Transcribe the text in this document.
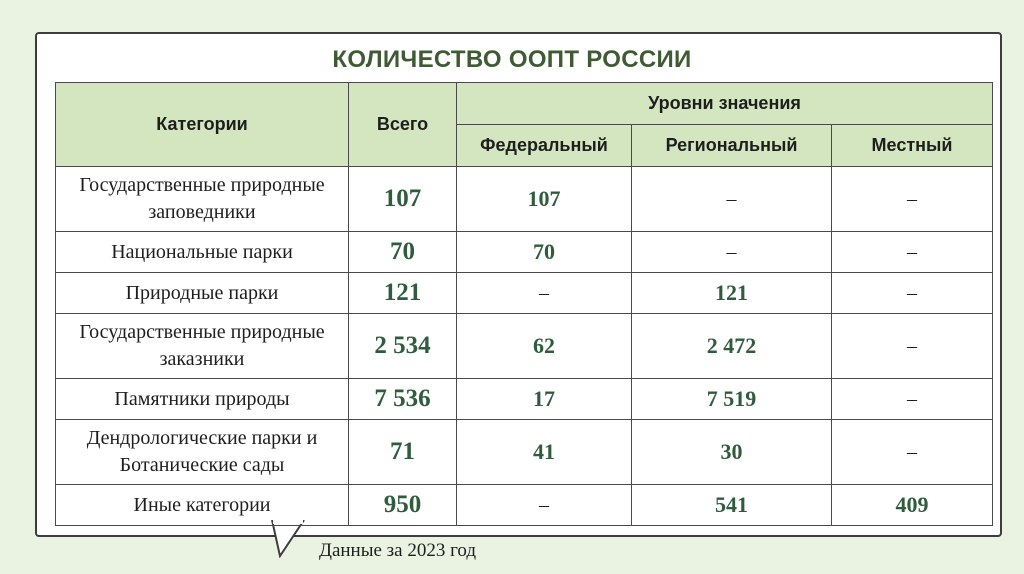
КОЛИЧЕСТВО ООПТ РОССИИ
Категории	Всего	Уровни значения		
		Федеральный	Региональный	Местный
Государственные природные заповедники	107	107	–	–
Национальные парки	70	70	–	–
Природные парки	121	–	121	–
Государственные природные заказники	2 534	62	2 472	–
Памятники природы	7 536	17	7 519	–
Дендрологические парки и Ботанические сады	71	41	30	–
Иные категории	950	–	541	409
Данные за 2023 год
